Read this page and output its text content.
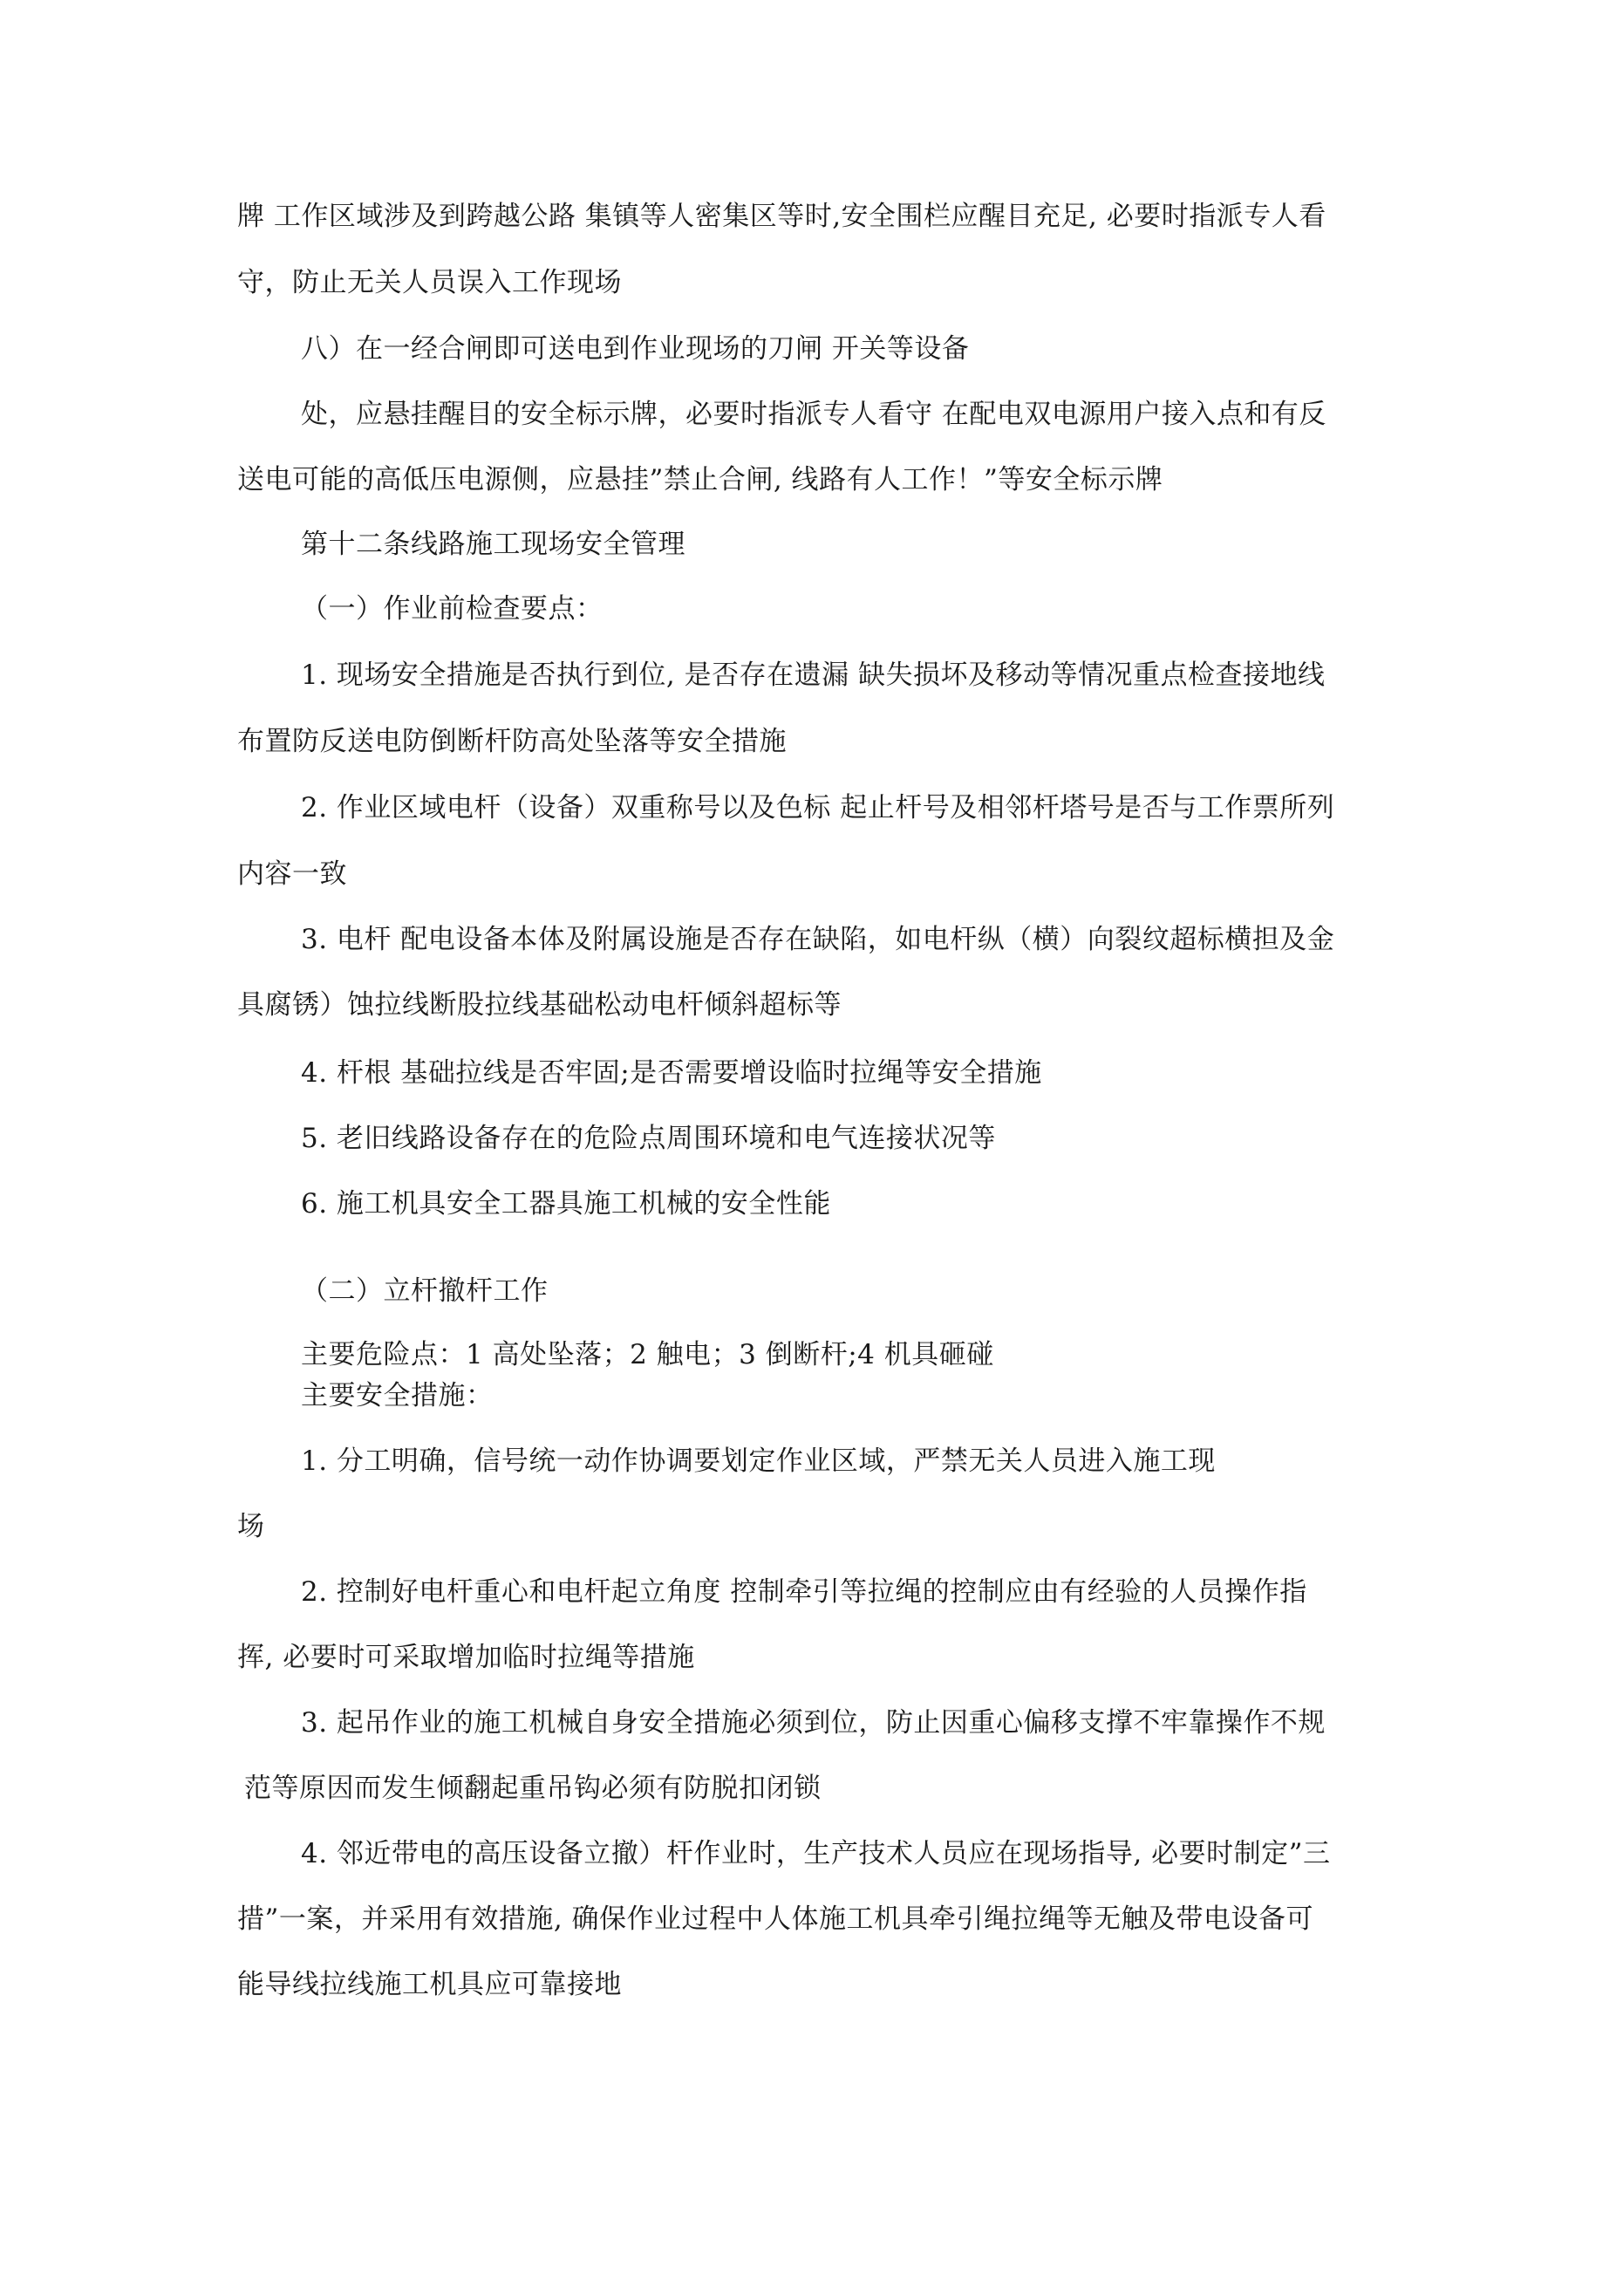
牌 工作区域涉及到跨越公路 集镇等人密集区等时,安全围栏应醒目充足, 必要时指派专人看
守，防止无关人员误入工作现场
八）在一经合闸即可送电到作业现场的刀闸 开关等设备
处，应悬挂醒目的安全标示牌，必要时指派专人看守 在配电双电源用户接入点和有反
送电可能的高低压电源侧，应悬挂”禁止合闸, 线路有人工作！”等安全标示牌
第十二条线路施工现场安全管理
（一）作业前检查要点：
1. 现场安全措施是否执行到位, 是否存在遗漏 缺失损坏及移动等情况重点检查接地线
布置防反送电防倒断杆防高处坠落等安全措施
2. 作业区域电杆（设备）双重称号以及色标 起止杆号及相邻杆塔号是否与工作票所列
内容一致
3. 电杆 配电设备本体及附属设施是否存在缺陷，如电杆纵（横）向裂纹超标横担及金
具腐锈）蚀拉线断股拉线基础松动电杆倾斜超标等
4. 杆根 基础拉线是否牢固;是否需要增设临时拉绳等安全措施
5. 老旧线路设备存在的危险点周围环境和电气连接状况等
6. 施工机具安全工器具施工机械的安全性能
（二）立杆撤杆工作
主要危险点：1 高处坠落；2 触电；3 倒断杆;4 机具砸碰
主要安全措施：
1. 分工明确，信号统一动作协调要划定作业区域，严禁无关人员进入施工现
场
2. 控制好电杆重心和电杆起立角度 控制牵引等拉绳的控制应由有经验的人员操作指
挥, 必要时可采取增加临时拉绳等措施
3. 起吊作业的施工机械自身安全措施必须到位，防止因重心偏移支撑不牢靠操作不规
范等原因而发生倾翻起重吊钩必须有防脱扣闭锁
4. 邻近带电的高压设备立撤）杆作业时，生产技术人员应在现场指导, 必要时制定”三
措”一案，并采用有效措施, 确保作业过程中人体施工机具牵引绳拉绳等无触及带电设备可
能导线拉线施工机具应可靠接地
